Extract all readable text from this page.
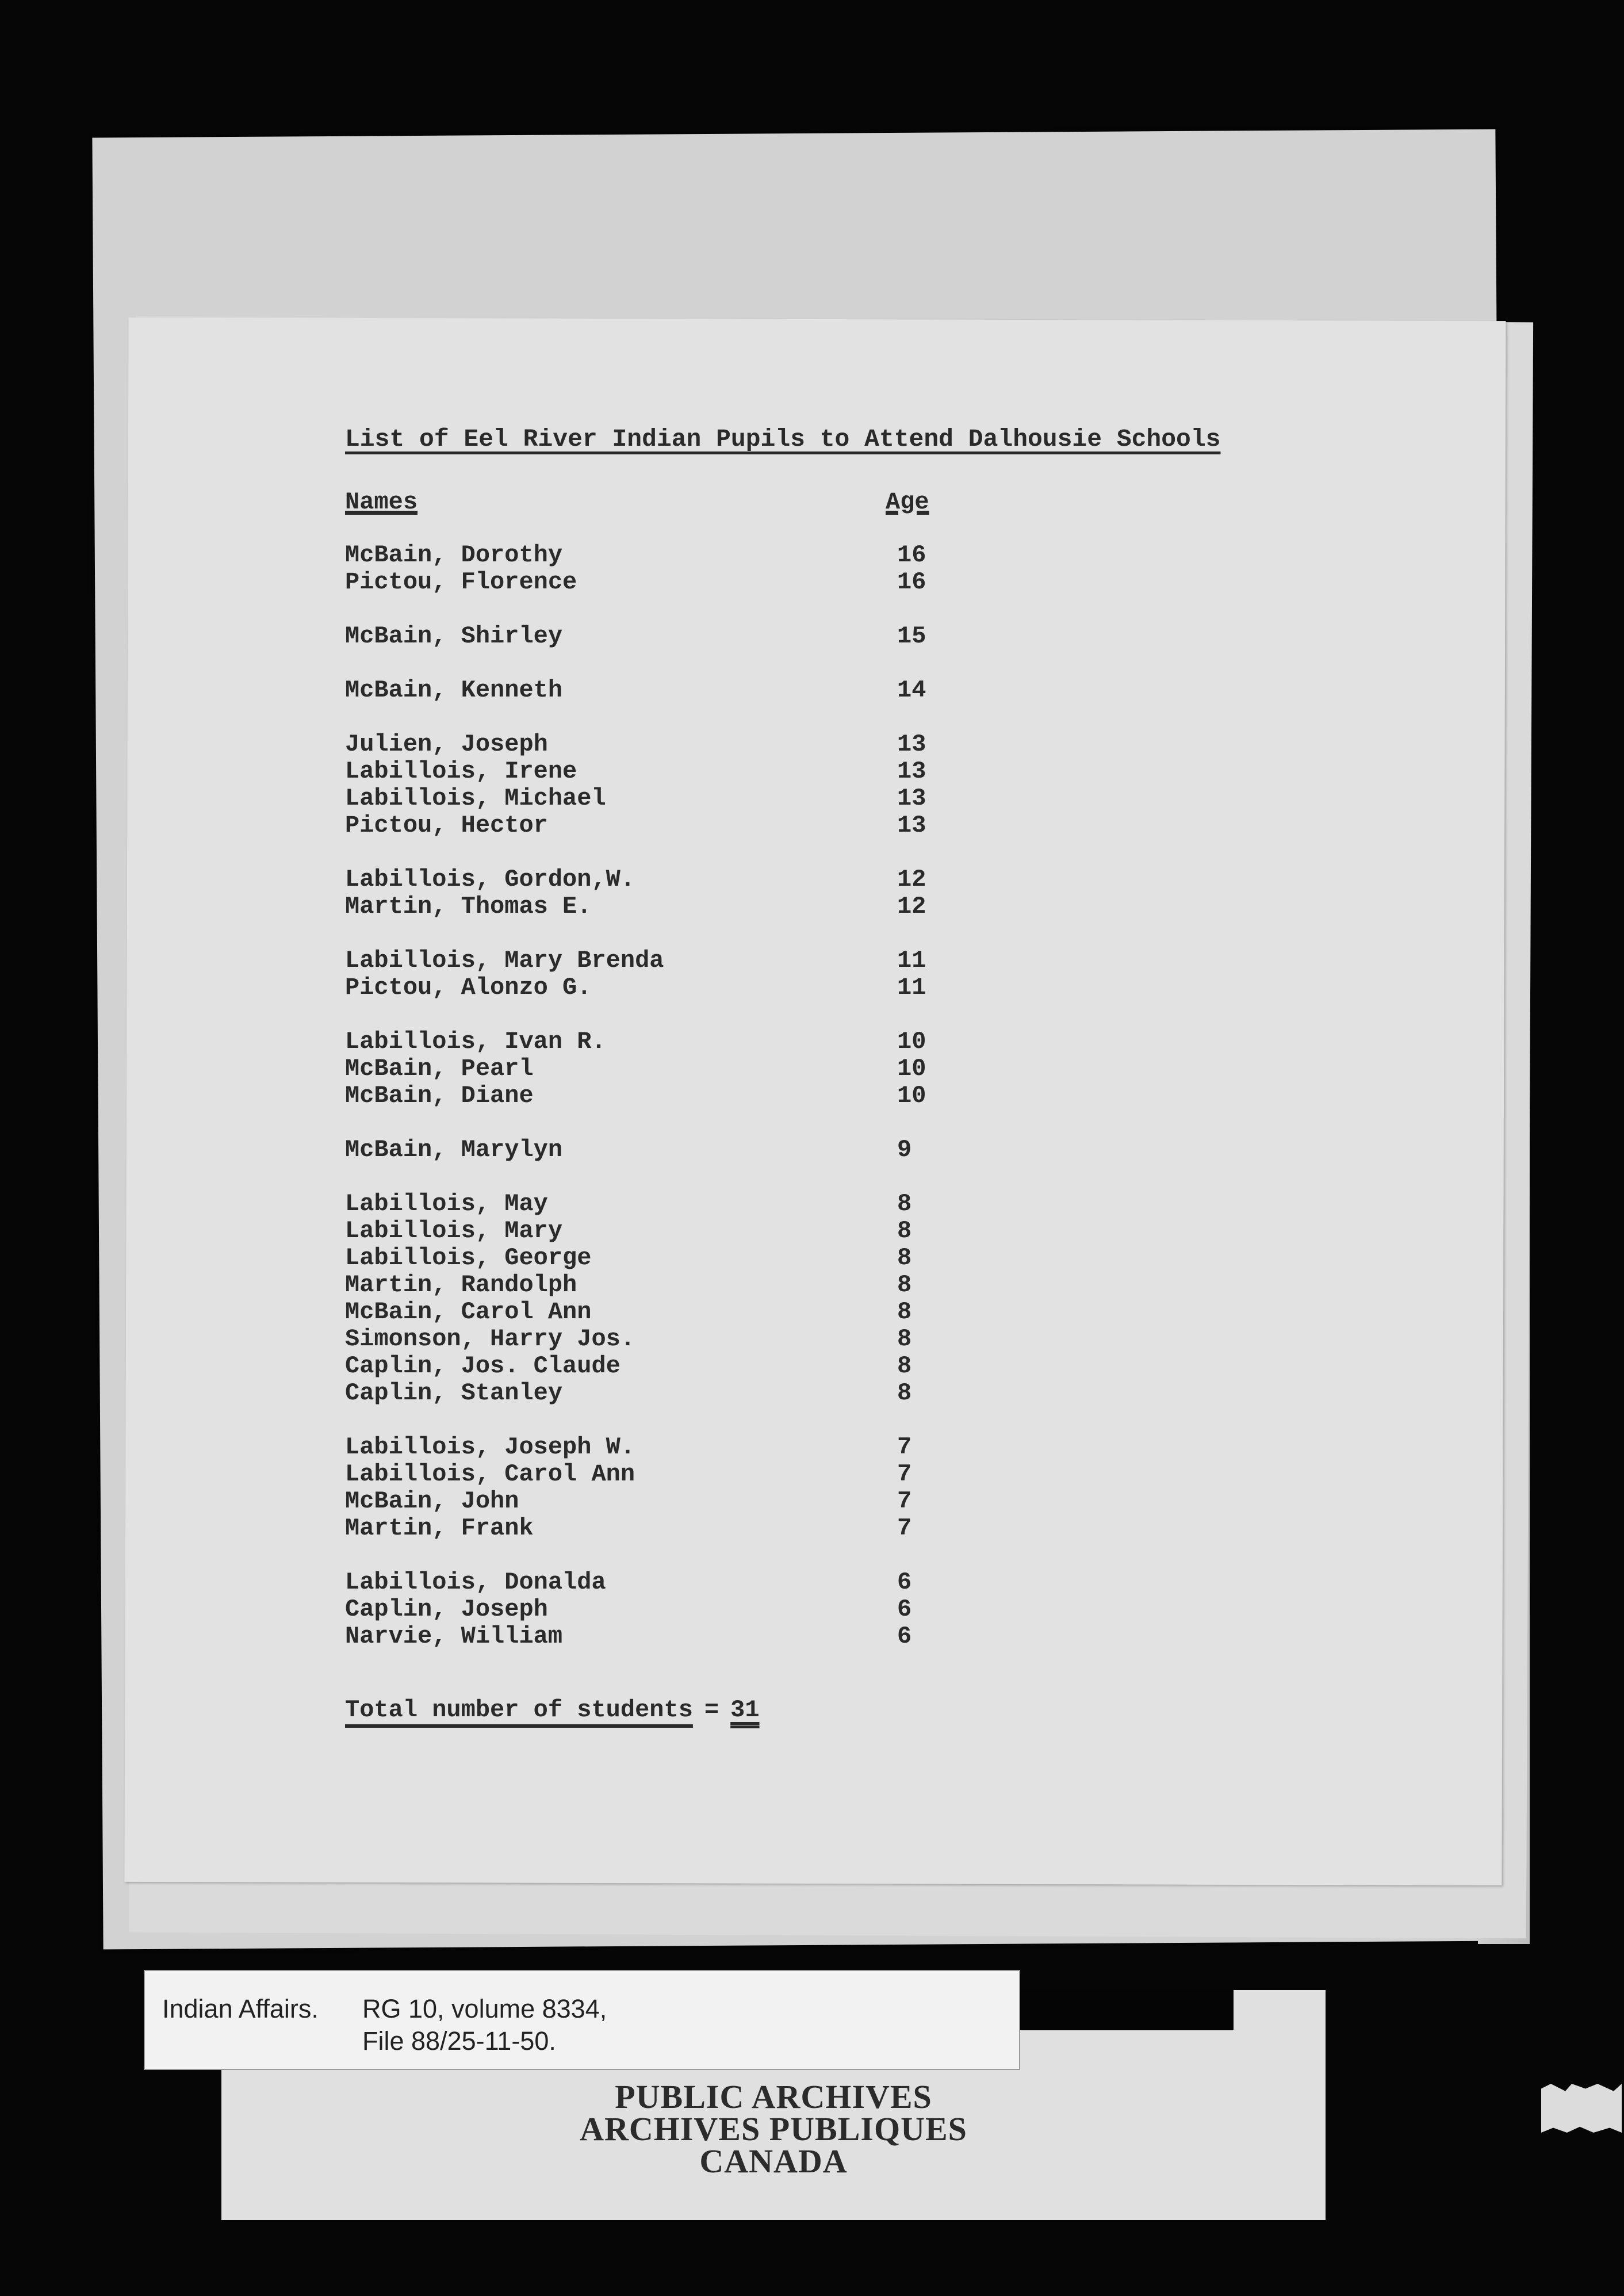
List of Eel River Indian Pupils to Attend Dalhousie Schools
Names	Age
McBain, Dorothy	16
Pictou, Florence	16
McBain, Shirley	15
McBain, Kenneth	14
Julien, Joseph	13
Labillois, Irene	13
Labillois, Michael	13
Pictou, Hector	13
Labillois, Gordon,W.	12
Martin, Thomas E.	12
Labillois, Mary Brenda	11
Pictou, Alonzo G.	11
Labillois, Ivan R.	10
McBain, Pearl	10
McBain, Diane	10
McBain, Marylyn	9
Labillois, May	8
Labillois, Mary	8
Labillois, George	8
Martin, Randolph	8
McBain, Carol Ann	8
Simonson, Harry Jos.	8
Caplin, Jos. Claude	8
Caplin, Stanley	8
Labillois, Joseph W.	7
Labillois, Carol Ann	7
McBain, John	7
Martin, Frank	7
Labillois, Donalda	6
Caplin, Joseph	6
Narvie, William	6
Total number of students = 31
Indian Affairs. RG 10, volume 8334,
File 88/25-11-50.
PUBLIC ARCHIVES
ARCHIVES PUBLIQUES
CANADA
